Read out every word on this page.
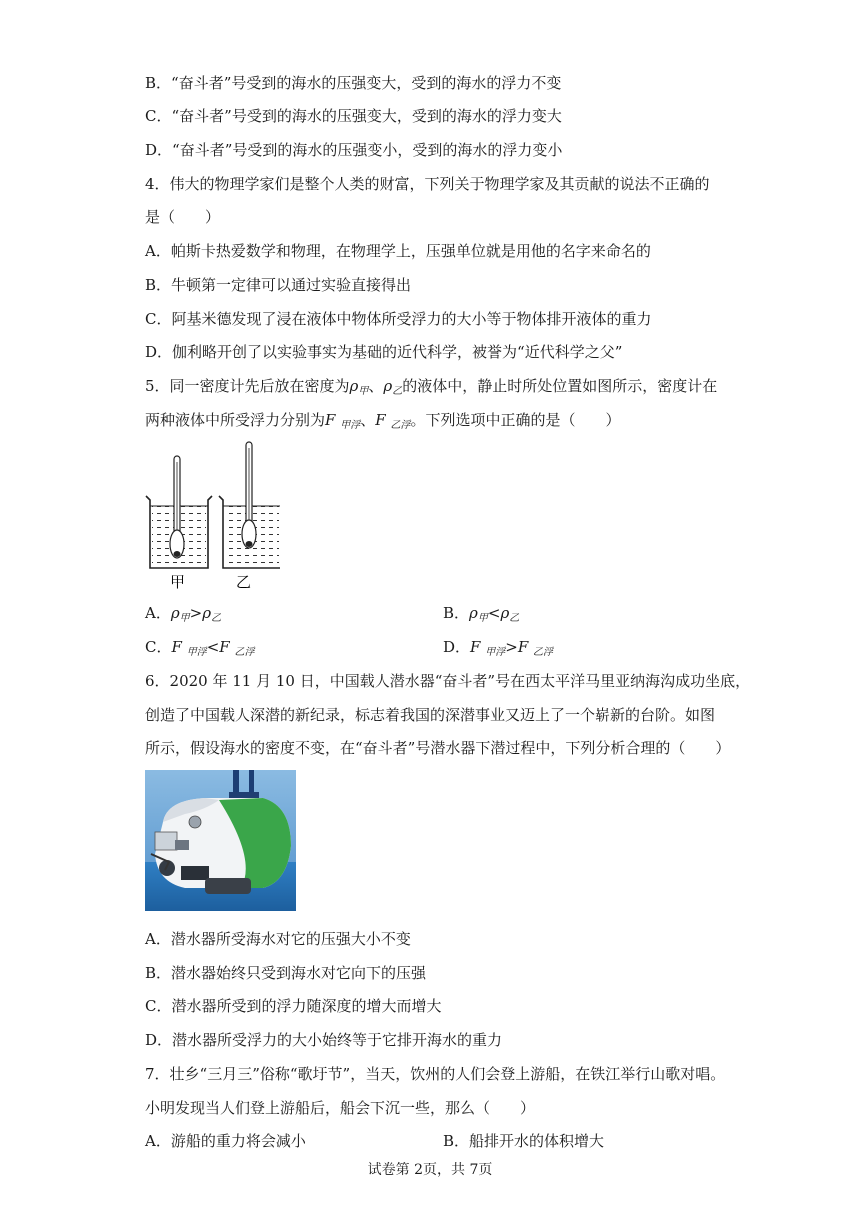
B．“奋斗者”号受到的海水的压强变大，受到的海水的浮力不变
C．“奋斗者”号受到的海水的压强变大，受到的海水的浮力变大
D．“奋斗者”号受到的海水的压强变小，受到的海水的浮力变小
4．伟大的物理学家们是整个人类的财富，下列关于物理学家及其贡献的说法不正确的
是（　　）
A．帕斯卡热爱数学和物理，在物理学上，压强单位就是用他的名字来命名的
B．牛顿第一定律可以通过实验直接得出
C．阿基米德发现了浸在液体中物体所受浮力的大小等于物体排开液体的重力
D．伽利略开创了以实验事实为基础的近代科学，被誉为“近代科学之父”
5．同一密度计先后放在密度为$\rho_甲$、$\rho_乙$的液体中，静止时所处位置如图所示，密度计在
两种液体中所受浮力分别为F $_{甲浮}$、F $_{乙浮}$。下列选项中正确的是（　　）
甲	乙
A．$\rho_甲>\rho_乙$	B．$\rho_甲<\rho_乙$
C．F $_{甲浮}$<F $_{乙浮}$	D．F $_{甲浮}$>F $_{乙浮}$
6．2020 年 11 月 10 日，中国载人潜水器“奋斗者”号在西太平洋马里亚纳海沟成功坐底，
创造了中国载人深潜的新纪录，标志着我国的深潜事业又迈上了一个崭新的台阶。如图
所示，假设海水的密度不变，在“奋斗者”号潜水器下潜过程中，下列分析合理的（　　）
A．潜水器所受海水对它的压强大小不变
B．潜水器始终只受到海水对它向下的压强
C．潜水器所受到的浮力随深度的增大而增大
D．潜水器所受浮力的大小始终等于它排开海水的重力
7．壮乡“三月三”俗称“歌圩节”，当天，饮州的人们会登上游船，在铁江举行山歌对唱。
小明发现当人们登上游船后，船会下沉一些，那么（　　）
A．游船的重力将会减小	B．船排开水的体积增大
试卷第 2页，共 7页
